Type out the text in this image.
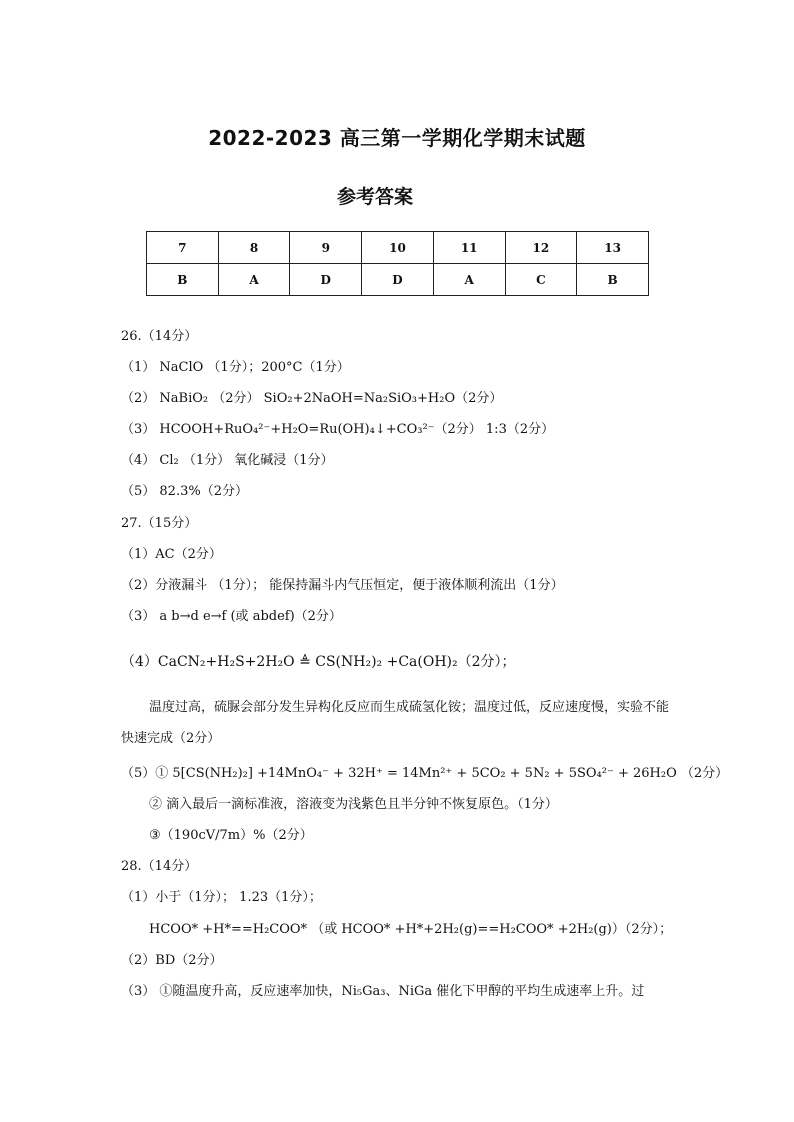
2022-2023 高三第一学期化学期末试题
参考答案
7	8	9	10	11	12	13
B	A	D	D	A	C	B
26.（14分）
（1） NaClO （1分）；200°C（1分）
（2） NaBiO₂ （2分） SiO₂+2NaOH=Na₂SiO₃+H₂O（2分）
（3） HCOOH+RuO₄²⁻+H₂O=Ru(OH)₄↓+CO₃²⁻（2分） 1:3（2分）
（4） Cl₂ （1分） 氧化碱浸（1分）
（5） 82.3%（2分）
27.（15分）
（1）AC（2分）
（2）分液漏斗 （1分）； 能保持漏斗内气压恒定，便于液体顺利流出（1分）
（3） a b→d e→f (或 abdef)（2分）
（4）CaCN₂+H₂S+2H₂O ≜ CS(NH₂)₂ +Ca(OH)₂（2分）；
温度过高，硫脲会部分发生异构化反应而生成硫氢化铵；温度过低，反应速度慢，实验不能快速完成（2分）
（5）① 5[CS(NH₂)₂] +14MnO₄⁻ + 32H⁺ = 14Mn²⁺ + 5CO₂ + 5N₂ + 5SO₄²⁻ + 26H₂O （2分）
② 滴入最后一滴标准液，溶液变为浅紫色且半分钟不恢复原色。（1分）
③（190cV/7m）%（2分）
28.（14分）
（1）小于（1分）； 1.23（1分）；
HCOO* +H*==H₂COO* （或 HCOO* +H*+2H₂(g)==H₂COO* +2H₂(g)）（2分）；
（2）BD（2分）
（3） ①随温度升高，反应速率加快，Ni₅Ga₃、NiGa 催化下甲醇的平均生成速率上升。过
